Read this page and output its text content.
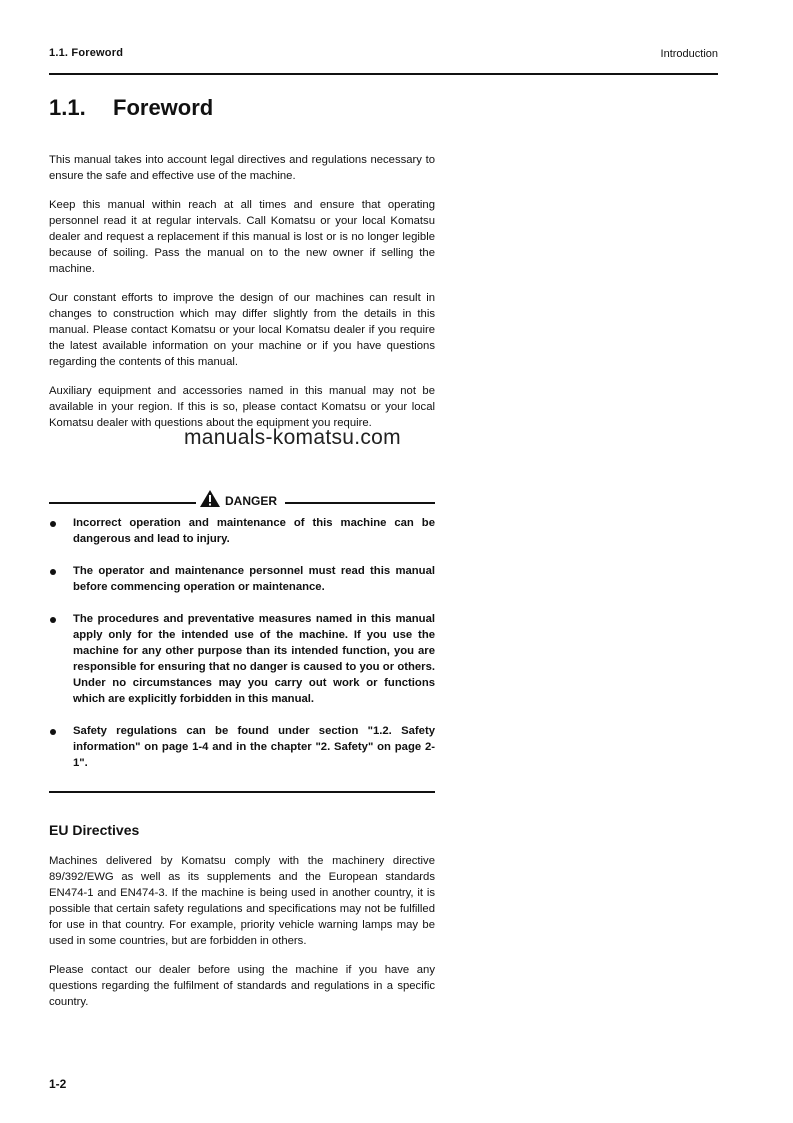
1.1. Foreword	Introduction
1.1. Foreword

This manual takes into account legal directives and regulations necessary to ensure the safe and effective use of the machine.

Keep this manual within reach at all times and ensure that operating personnel read it at regular intervals. Call Komatsu or your local Komatsu dealer and request a replacement if this manual is lost or is no longer legible because of soiling. Pass the manual on to the new owner if selling the machine.

Our constant efforts to improve the design of our machines can result in changes to construction which may differ slightly from the details in this manual. Please contact Komatsu or your local Komatsu dealer if you require the latest available information on your machine or if you have questions regarding the contents of this manual.

Auxiliary equipment and accessories named in this manual may not be available in your region. If this is so, please contact Komatsu or your local Komatsu dealer with questions about the equipment you require.

manuals-komatsu.com
DANGER
Incorrect operation and maintenance of this machine can be dangerous and lead to injury.
The operator and maintenance personnel must read this manual before commencing operation or maintenance.
The procedures and preventative measures named in this manual apply only for the intended use of the machine. If you use the machine for any other purpose than its intended function, you are responsible for ensuring that no danger is caused to you or others. Under no circumstances may you carry out work or functions which are explicitly forbidden in this manual.
Safety regulations can be found under section "1.2. Safety information" on page 1-4 and in the chapter "2. Safety" on page 2-1".
EU Directives

Machines delivered by Komatsu comply with the machinery directive 89/392/EWG as well as its supplements and the European standards EN474-1 and EN474-3. If the machine is being used in another country, it is possible that certain safety regulations and specifications may not be fulfilled for use in that country. For example, priority vehicle warning lamps may be used in some countries, but are forbidden in others.

Please contact our dealer before using the machine if you have any questions regarding the fulfilment of standards and regulations in a specific country.

1-2
